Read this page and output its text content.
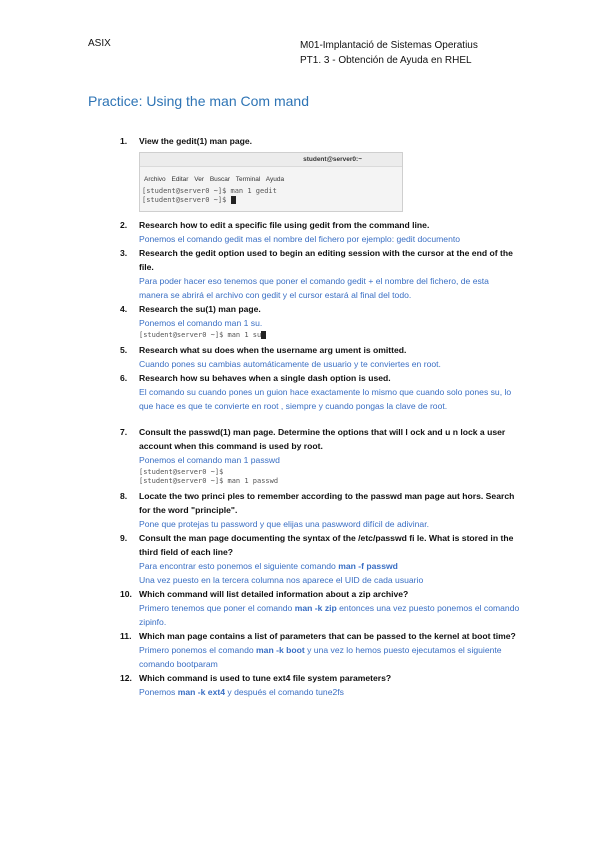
ASIX	M01-Implantació de Sistemas Operatius
PT1. 3 - Obtención de Ayuda en RHEL
Practice: Using the man Com mand
1. View the gedit(1) man page.
student@server0:~
Archivo Editar Ver Buscar Terminal Ayuda
[student@server0 ~]$ man 1 gedit
[student@server0 ~]$
2. Research how to edit a specific file using gedit from the command line.
Ponemos el comando gedit mas el nombre del fichero por ejemplo: gedit documento
3. Research the gedit option used to begin an editing session with the cursor at the end of the file.
Para poder hacer eso tenemos que poner el comando gedit + el nombre del fichero, de esta manera se abrirá el archivo con gedit y el cursor estará al final del todo.
4. Research the su(1) man page.
Ponemos el comando man 1 su.
[student@server0 ~]$ man 1 su
5. Research what su does when the username arg ument is omitted.
Cuando pones su cambias automáticamente de usuario y te conviertes en root.
6. Research how su behaves when a single dash option is used.
El comando su cuando pones un guion hace exactamente lo mismo que cuando solo pones su, lo que hace es que te convierte en root , siempre y cuando pongas la clave de root.
7. Consult the passwd(1) man page. Determine the options that will l ock and u n lock a user account when this command is used by root.
Ponemos el comando man 1 passwd
[student@server0 ~]$
[student@server0 ~]$ man 1 passwd
8. Locate the two princi ples to remember according to the passwd man page aut hors. Search for the word "principle".
Pone que protejas tu password y que elijas una paswword difícil de adivinar.
9. Consult the man page documenting the syntax of the /etc/passwd fi le. What is stored in the third field of each line?
Para encontrar esto ponemos el siguiente comando man -f passwd
Una vez puesto en la tercera columna nos aparece el UID de cada usuario
10. Which command will list detailed information about a zip archive?
Primero tenemos que poner el comando man -k zip entonces una vez puesto ponemos el comando zipinfo.
11. Which man page contains a list of parameters that can be passed to the kernel at boot time?
Primero ponemos el comando man -k boot y una vez lo hemos puesto ejecutamos el siguiente comando bootparam
12. Which command is used to tune ext4 file system parameters?
Ponemos man -k ext4 y después el comando tune2fs
